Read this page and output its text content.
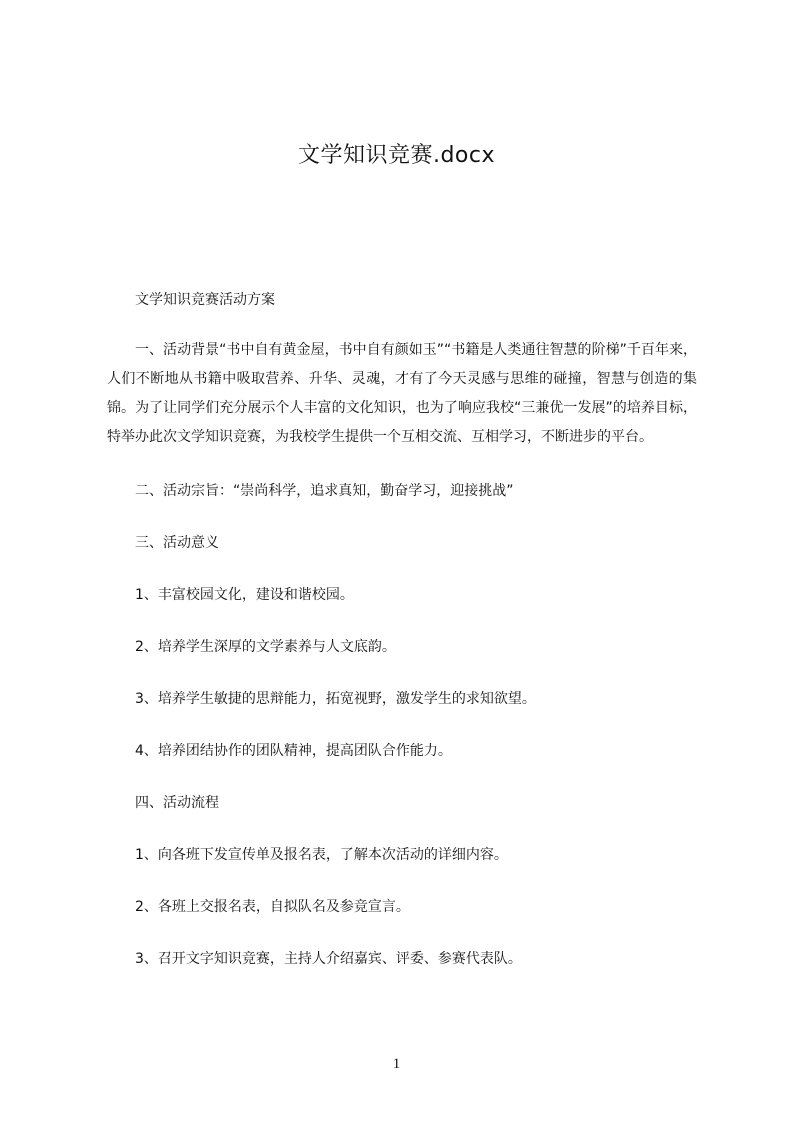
文学知识竞赛.docx

文学知识竞赛活动方案

一、活动背景“书中自有黄金屋，书中自有颜如玉”“书籍是人类通往智慧的阶梯”千百年来，人们不断地从书籍中吸取营养、升华、灵魂，才有了今天灵感与思维的碰撞，智慧与创造的集锦。为了让同学们充分展示个人丰富的文化知识，也为了响应我校“三兼优一发展”的培养目标，特举办此次文学知识竞赛，为我校学生提供一个互相交流、互相学习，不断进步的平台。

二、活动宗旨：“崇尚科学，追求真知，勤奋学习，迎接挑战”

三、活动意义

1、丰富校园文化，建设和谐校园。

2、培养学生深厚的文学素养与人文底韵。

3、培养学生敏捷的思辩能力，拓宽视野，激发学生的求知欲望。

4、培养团结协作的团队精神，提高团队合作能力。

四、活动流程

1、向各班下发宣传单及报名表，了解本次活动的详细内容。

2、各班上交报名表，自拟队名及参竞宣言。

3、召开文字知识竞赛，主持人介绍嘉宾、评委、参赛代表队。

1
